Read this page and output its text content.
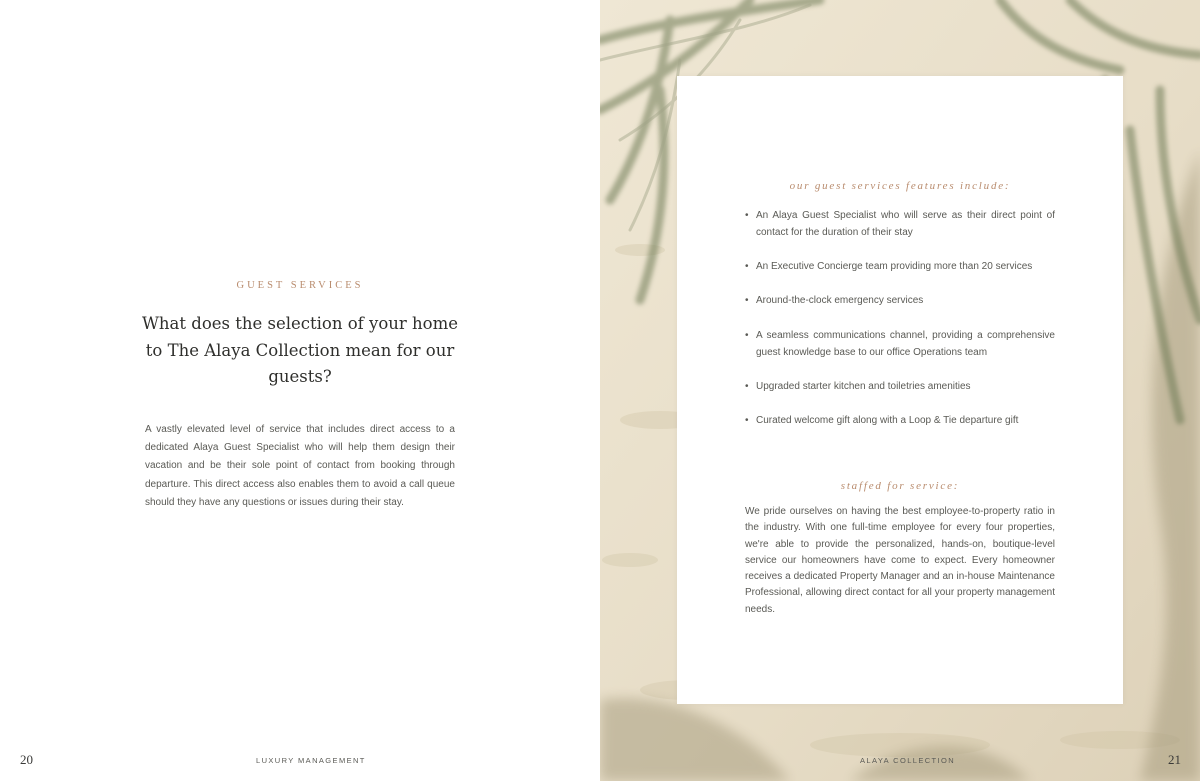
GUEST SERVICES
What does the selection of your home to The Alaya Collection mean for our guests?

A vastly elevated level of service that includes direct access to a dedicated Alaya Guest Specialist who will help them design their vacation and be their sole point of contact from booking through departure. This direct access also enables them to avoid a call queue should they have any questions or issues during their stay.

20	LUXURY MANAGEMENT
our guest services features include:
• An Alaya Guest Specialist who will serve as their direct point of contact for the duration of their stay
• An Executive Concierge team providing more than 20 services
• Around-the-clock emergency services
• A seamless communications channel, providing a comprehensive guest knowledge base to our office Operations team
• Upgraded starter kitchen and toiletries amenities
• Curated welcome gift along with a Loop & Tie departure gift
staffed for service:

We pride ourselves on having the best employee-to-property ratio in the industry. With one full-time employee for every four properties, we're able to provide the personalized, hands-on, boutique-level service our homeowners have come to expect. Every homeowner receives a dedicated Property Manager and an in-house Maintenance Professional, allowing direct contact for all your property management needs.

ALAYA COLLECTION	21
